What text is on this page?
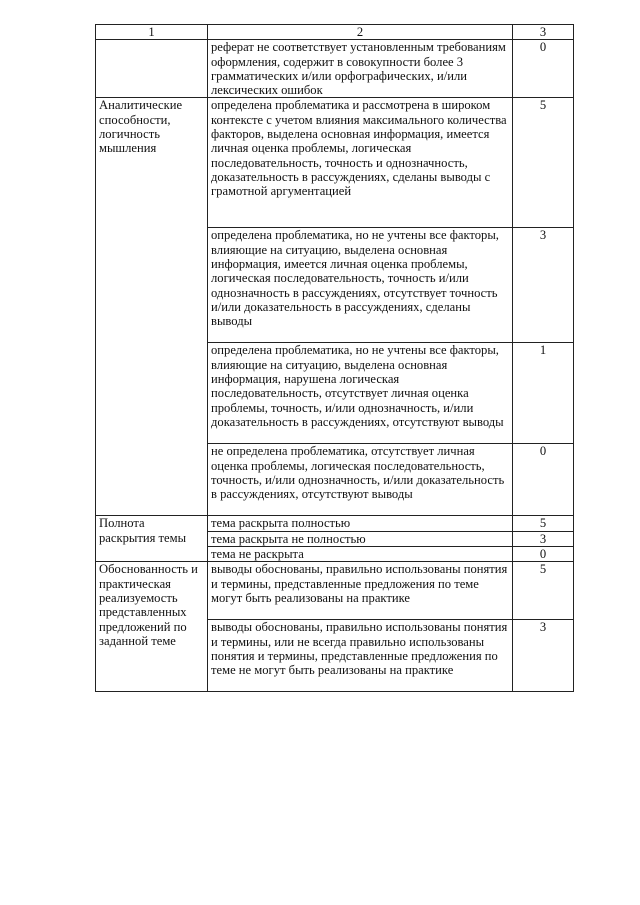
1	2	3
	реферат не соответствует установленным требованиям оформления, содержит в совокупности более 3 грамматических и/или орфографических, и/или лексических ошибок	0
Аналитические способности, логичность мышления	определена проблематика и рассмотрена в широком контексте с учетом влияния максимального количества факторов, выделена основная информация, имеется личная оценка проблемы, логическая последовательность, точность и однозначность, доказательность в рассуждениях, сделаны выводы с грамотной аргументацией	5
	определена проблематика, но не учтены все факторы, влияющие на ситуацию, выделена основная информация, имеется личная оценка проблемы, логическая последовательность, точность и/или однозначность в рассуждениях, отсутствует точность и/или доказательность в рассуждениях, сделаны выводы	3
	определена проблематика, но не учтены все факторы, влияющие на ситуацию, выделена основная информация, нарушена логическая последовательность, отсутствует личная оценка проблемы, точность, и/или однозначность, и/или доказательность в рассуждениях, отсутствуют выводы	1
	не определена проблематика, отсутствует личная оценка проблемы, логическая последовательность, точность, и/или однозначность, и/или доказательность в рассуждениях, отсутствуют выводы	0
Полнота раскрытия темы	тема раскрыта полностью	5
	тема раскрыта не полностью	3
	тема не раскрыта	0
Обоснованность и практическая реализуемость представленных предложений по заданной теме	выводы обоснованы, правильно использованы понятия и термины, представленные предложения по теме могут быть реализованы на практике	5
	выводы обоснованы, правильно использованы понятия и термины, или не всегда правильно использованы понятия и термины, представленные предложения по теме не могут быть реализованы на практике	3
